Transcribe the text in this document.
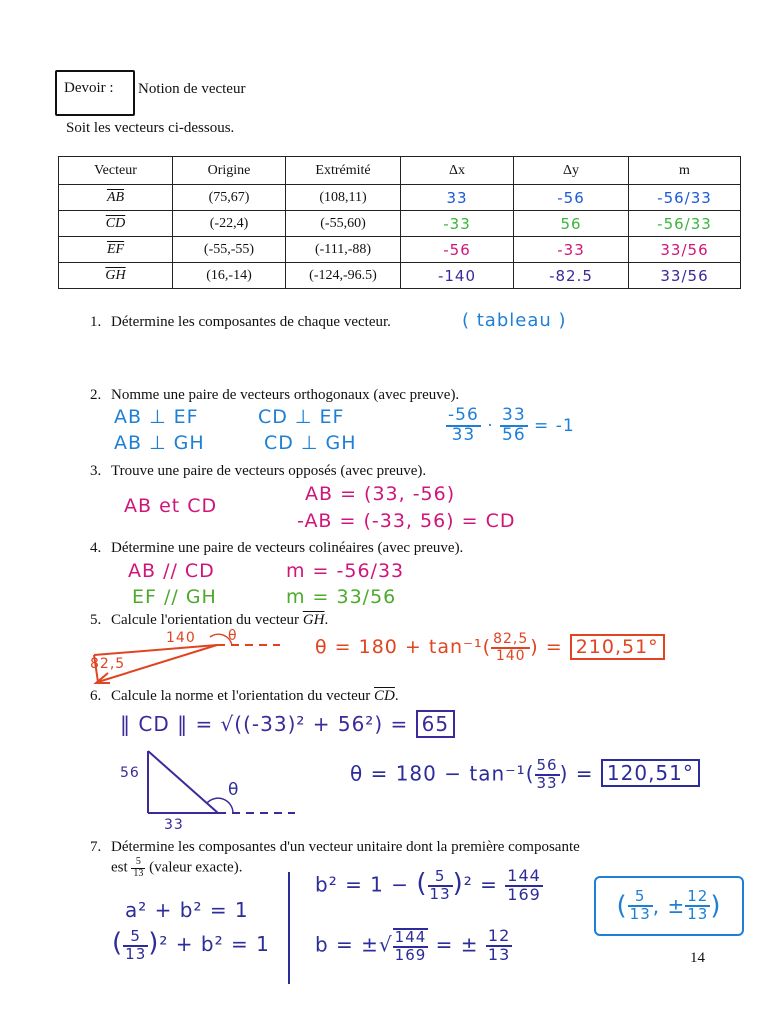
Devoir : Notion de vecteur
Soit les vecteurs ci-dessous.
Vecteur	Origine	Extrémité	Δx	Δy	m
$\overline{AB}$	(75,67)	(108,11)	33	-56	-56/33
$\overline{CD}$	(-22,4)	(-55,60)	-33	56	-56/33
$\overline{EF}$	(-55,-55)	(-111,-88)	-56	-33	33/56
$\overline{GH}$	(16,-14)	(-124,-96.5)	-140	-82.5	33/56
1. Détermine les composantes de chaque vecteur.	( tableau )
2. Nomme une paire de vecteurs orthogonaux (avec preuve).
AB ⊥ EF	CD ⊥ EF
AB ⊥ GH	CD ⊥ GH	$\frac{-56}{33} \cdot \frac{33}{56} = -1$
3. Trouve une paire de vecteurs opposés (avec preuve).
AB et CD
AB = (33, -56)
-AB = (-33, 56) = CD
4. Détermine une paire de vecteurs colinéaires (avec preuve).
AB // CD	m = -56/33
EF // GH	m = 33/56
5. Calcule l'orientation du vecteur $\overline{GH}$.
140
82,5
θ
$\theta = 180 + \tan^{-1}( \frac{82,5}{140}$ ) = 210,51°
6. Calcule la norme et l'orientation du vecteur $\overline{CD}$.
‖ CD ‖ = √((-33)² + 56²) = 65
56
33
θ
$\theta = 180 - \tan^{-1}( \frac{56}{33}$ ) = 120,51°
7. Détermine les composantes d'un vecteur unitaire dont la première composante
est $\frac{5}{13}$ (valeur exacte).
a² + b² = 1
( $\frac{5}{13} )^2 + b^2 = 1$
b² = 1 − ( $\frac{5}{13} )^2 = \frac{144}{169}$
b = ±√ $\frac{144}{169}$ = ± $\frac{12}{13}$
( $\frac{5}{13}$ , ± $\frac{12}{13}$ )
14
